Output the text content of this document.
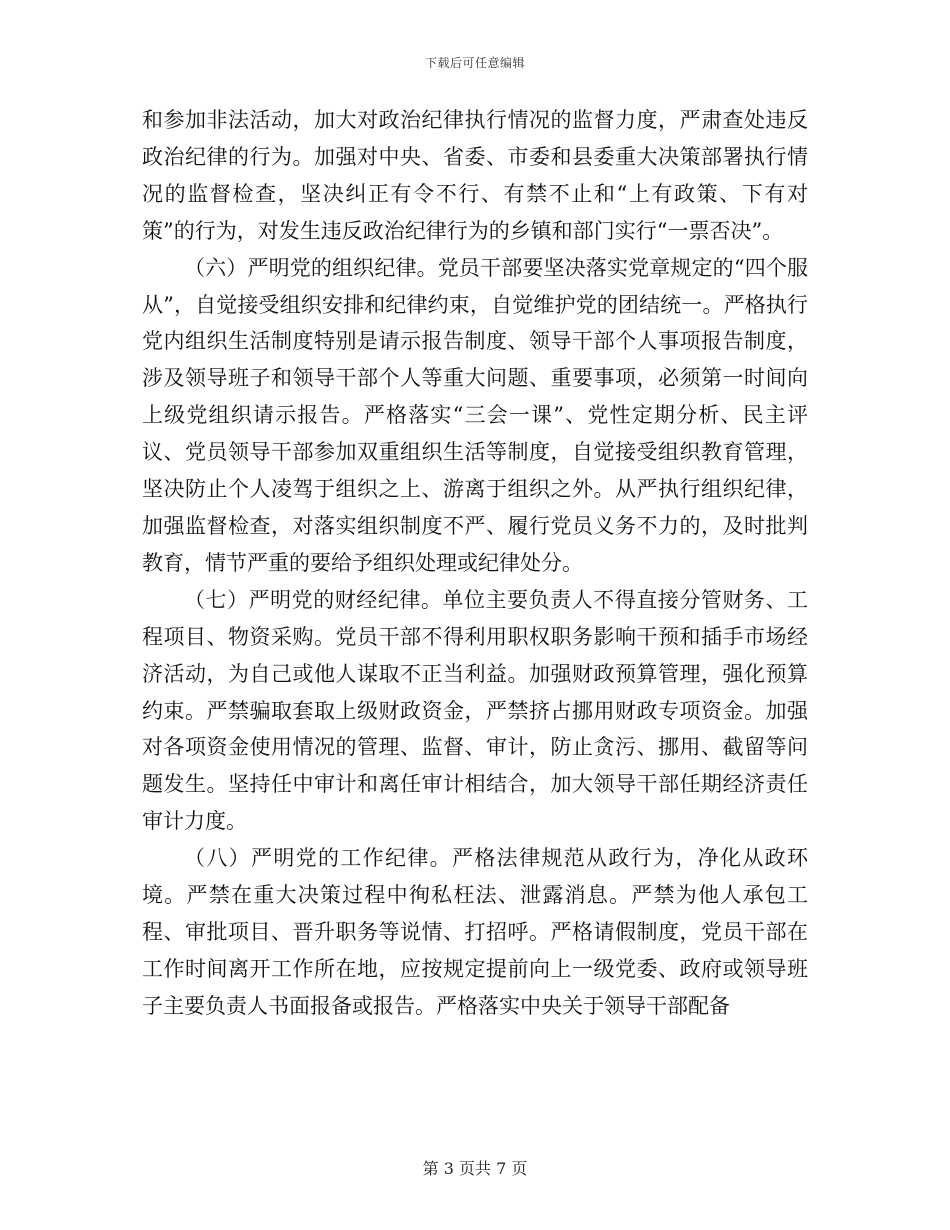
下载后可任意编辑

和参加非法活动，加大对政治纪律执行情况的监督力度，严肃查处违反政治纪律的行为。加强对中央、省委、市委和县委重大决策部署执行情况的监督检查，坚决纠正有令不行、有禁不止和“上有政策、下有对策”的行为，对发生违反政治纪律行为的乡镇和部门实行“一票否决”。

（六）严明党的组织纪律。党员干部要坚决落实党章规定的“四个服从”，自觉接受组织安排和纪律约束，自觉维护党的团结统一。严格执行党内组织生活制度特别是请示报告制度、领导干部个人事项报告制度，涉及领导班子和领导干部个人等重大问题、重要事项，必须第一时间向上级党组织请示报告。严格落实“三会一课”、党性定期分析、民主评议、党员领导干部参加双重组织生活等制度，自觉接受组织教育管理，坚决防止个人凌驾于组织之上、游离于组织之外。从严执行组织纪律，加强监督检查，对落实组织制度不严、履行党员义务不力的，及时批判教育，情节严重的要给予组织处理或纪律处分。

（七）严明党的财经纪律。单位主要负责人不得直接分管财务、工程项目、物资采购。党员干部不得利用职权职务影响干预和插手市场经济活动，为自己或他人谋取不正当利益。加强财政预算管理，强化预算约束。严禁骗取套取上级财政资金，严禁挤占挪用财政专项资金。加强对各项资金使用情况的管理、监督、审计，防止贪污、挪用、截留等问题发生。坚持任中审计和离任审计相结合，加大领导干部任期经济责任审计力度。

（八）严明党的工作纪律。严格法律规范从政行为，净化从政环境。严禁在重大决策过程中徇私枉法、泄露消息。严禁为他人承包工程、审批项目、晋升职务等说情、打招呼。严格请假制度，党员干部在工作时间离开工作所在地，应按规定提前向上一级党委、政府或领导班子主要负责人书面报备或报告。严格落实中央关于领导干部配备

第 3 页共 7 页
